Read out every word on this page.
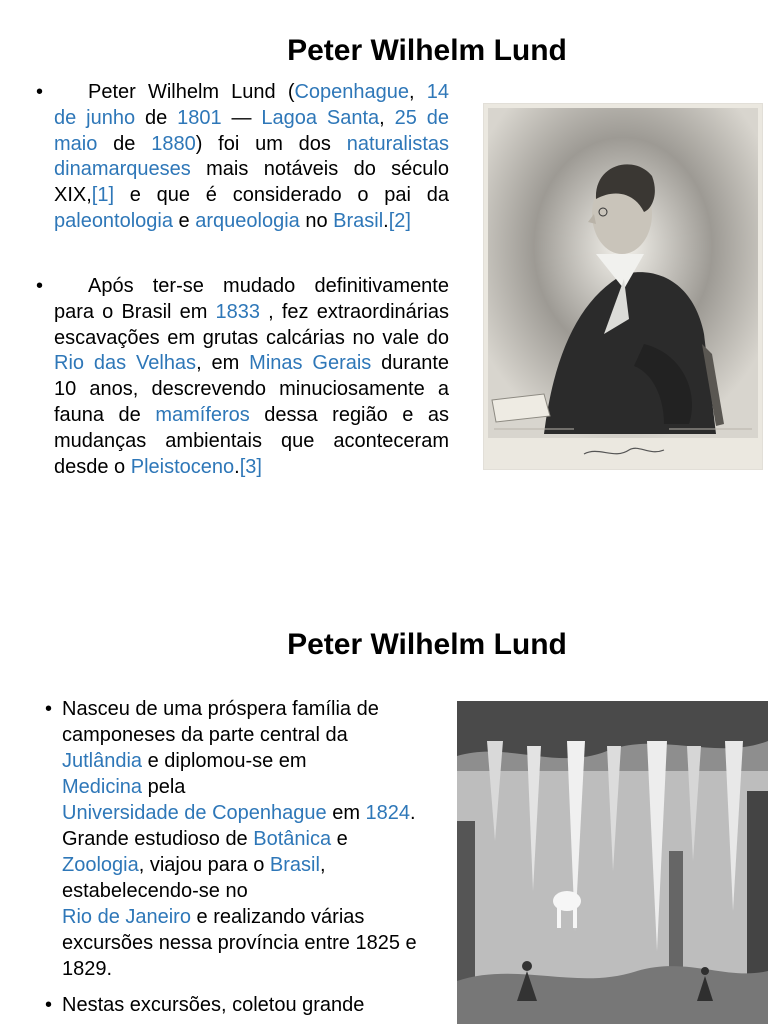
Peter Wilhelm Lund
•	Peter Wilhelm Lund (Copenhague, 14 de junho de 1801 — Lagoa Santa, 25 de maio de 1880) foi um dos naturalistas dinamarqueses mais notáveis do século XIX,[1] e que é considerado o pai da paleontologia e arqueologia no Brasil.[2]

•	Após ter-se mudado definitivamente para o Brasil em 1833 , fez extraordinárias escavações em grutas calcárias no vale do Rio das Velhas, em Minas Gerais durante 10 anos, descrevendo minuciosamente a fauna de mamíferos dessa região e as mudanças ambientais que aconteceram desde o Pleistoceno.[3]

Peter Wilhelm Lund
• Nasceu de uma próspera família de camponeses da parte central da Jutlândia e diplomou-se em
Medicina pela
Universidade de Copenhague em 1824. Grande estudioso de Botânica e Zoologia, viajou para o Brasil, estabelecendo-se no
Rio de Janeiro e realizando várias excursões nessa província entre 1825 e 1829.
• Nestas excursões, coletou grande
